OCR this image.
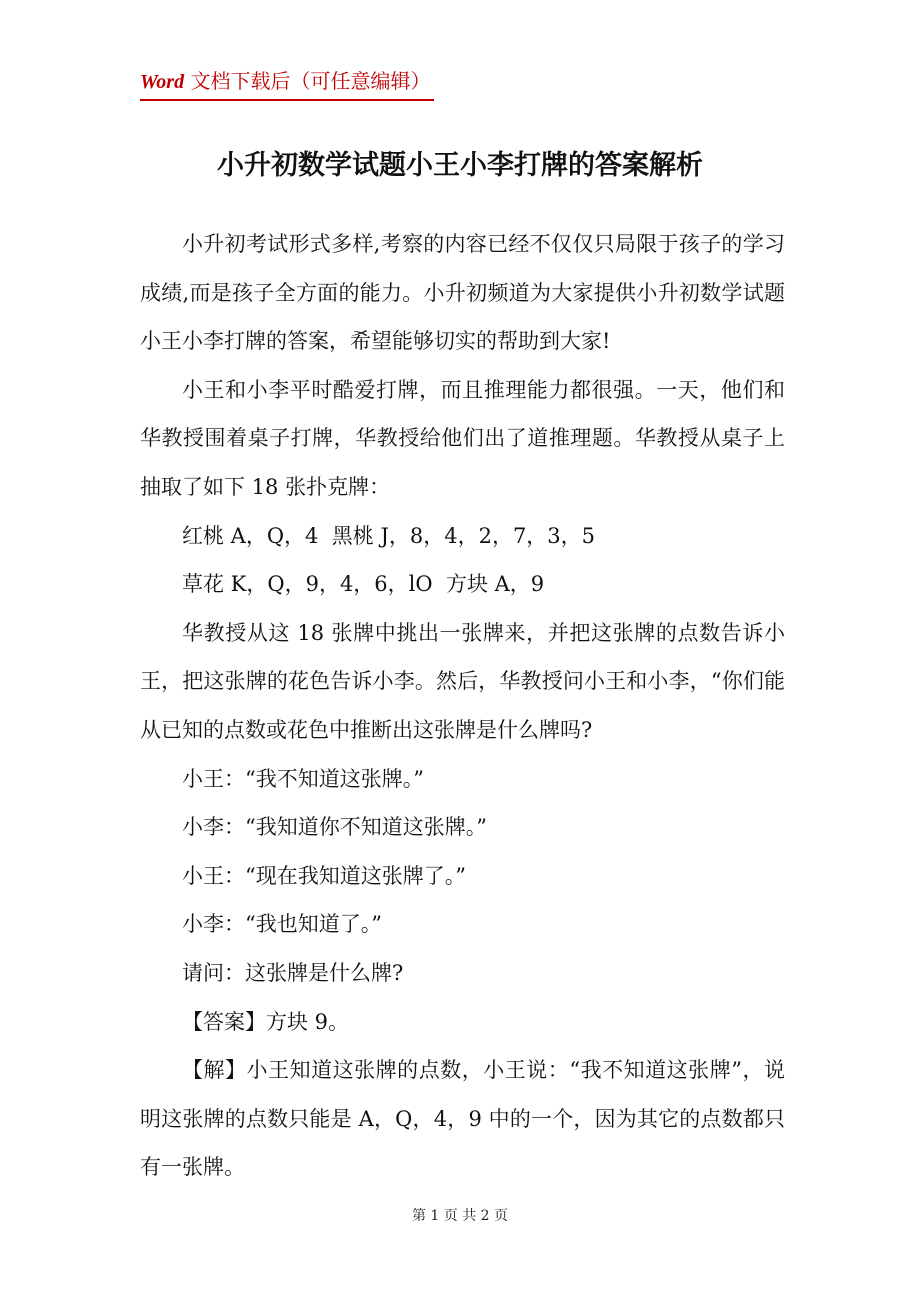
Word 文档下载后（可任意编辑）
小升初数学试题小王小李打牌的答案解析

小升初考试形式多样,考察的内容已经不仅仅只局限于孩子的学习成绩,而是孩子全方面的能力。小升初频道为大家提供小升初数学试题小王小李打牌的答案，希望能够切实的帮助到大家!

小王和小李平时酷爱打牌，而且推理能力都很强。一天，他们和华教授围着桌子打牌，华教授给他们出了道推理题。华教授从桌子上抽取了如下 18 张扑克牌：

红桃 A，Q，4  黑桃 J，8，4，2，7，3，5

草花 K，Q，9，4，6，lO  方块 A，9

华教授从这 18 张牌中挑出一张牌来，并把这张牌的点数告诉小王，把这张牌的花色告诉小李。然后，华教授问小王和小李，“你们能从已知的点数或花色中推断出这张牌是什么牌吗?

小王：“我不知道这张牌。”

小李：“我知道你不知道这张牌。”

小王：“现在我知道这张牌了。”

小李：“我也知道了。”

请问：这张牌是什么牌?

【答案】方块 9。

【解】小王知道这张牌的点数，小王说：“我不知道这张牌”，说明这张牌的点数只能是 A，Q，4，9 中的一个，因为其它的点数都只有一张牌。

第 1 页 共 2 页
